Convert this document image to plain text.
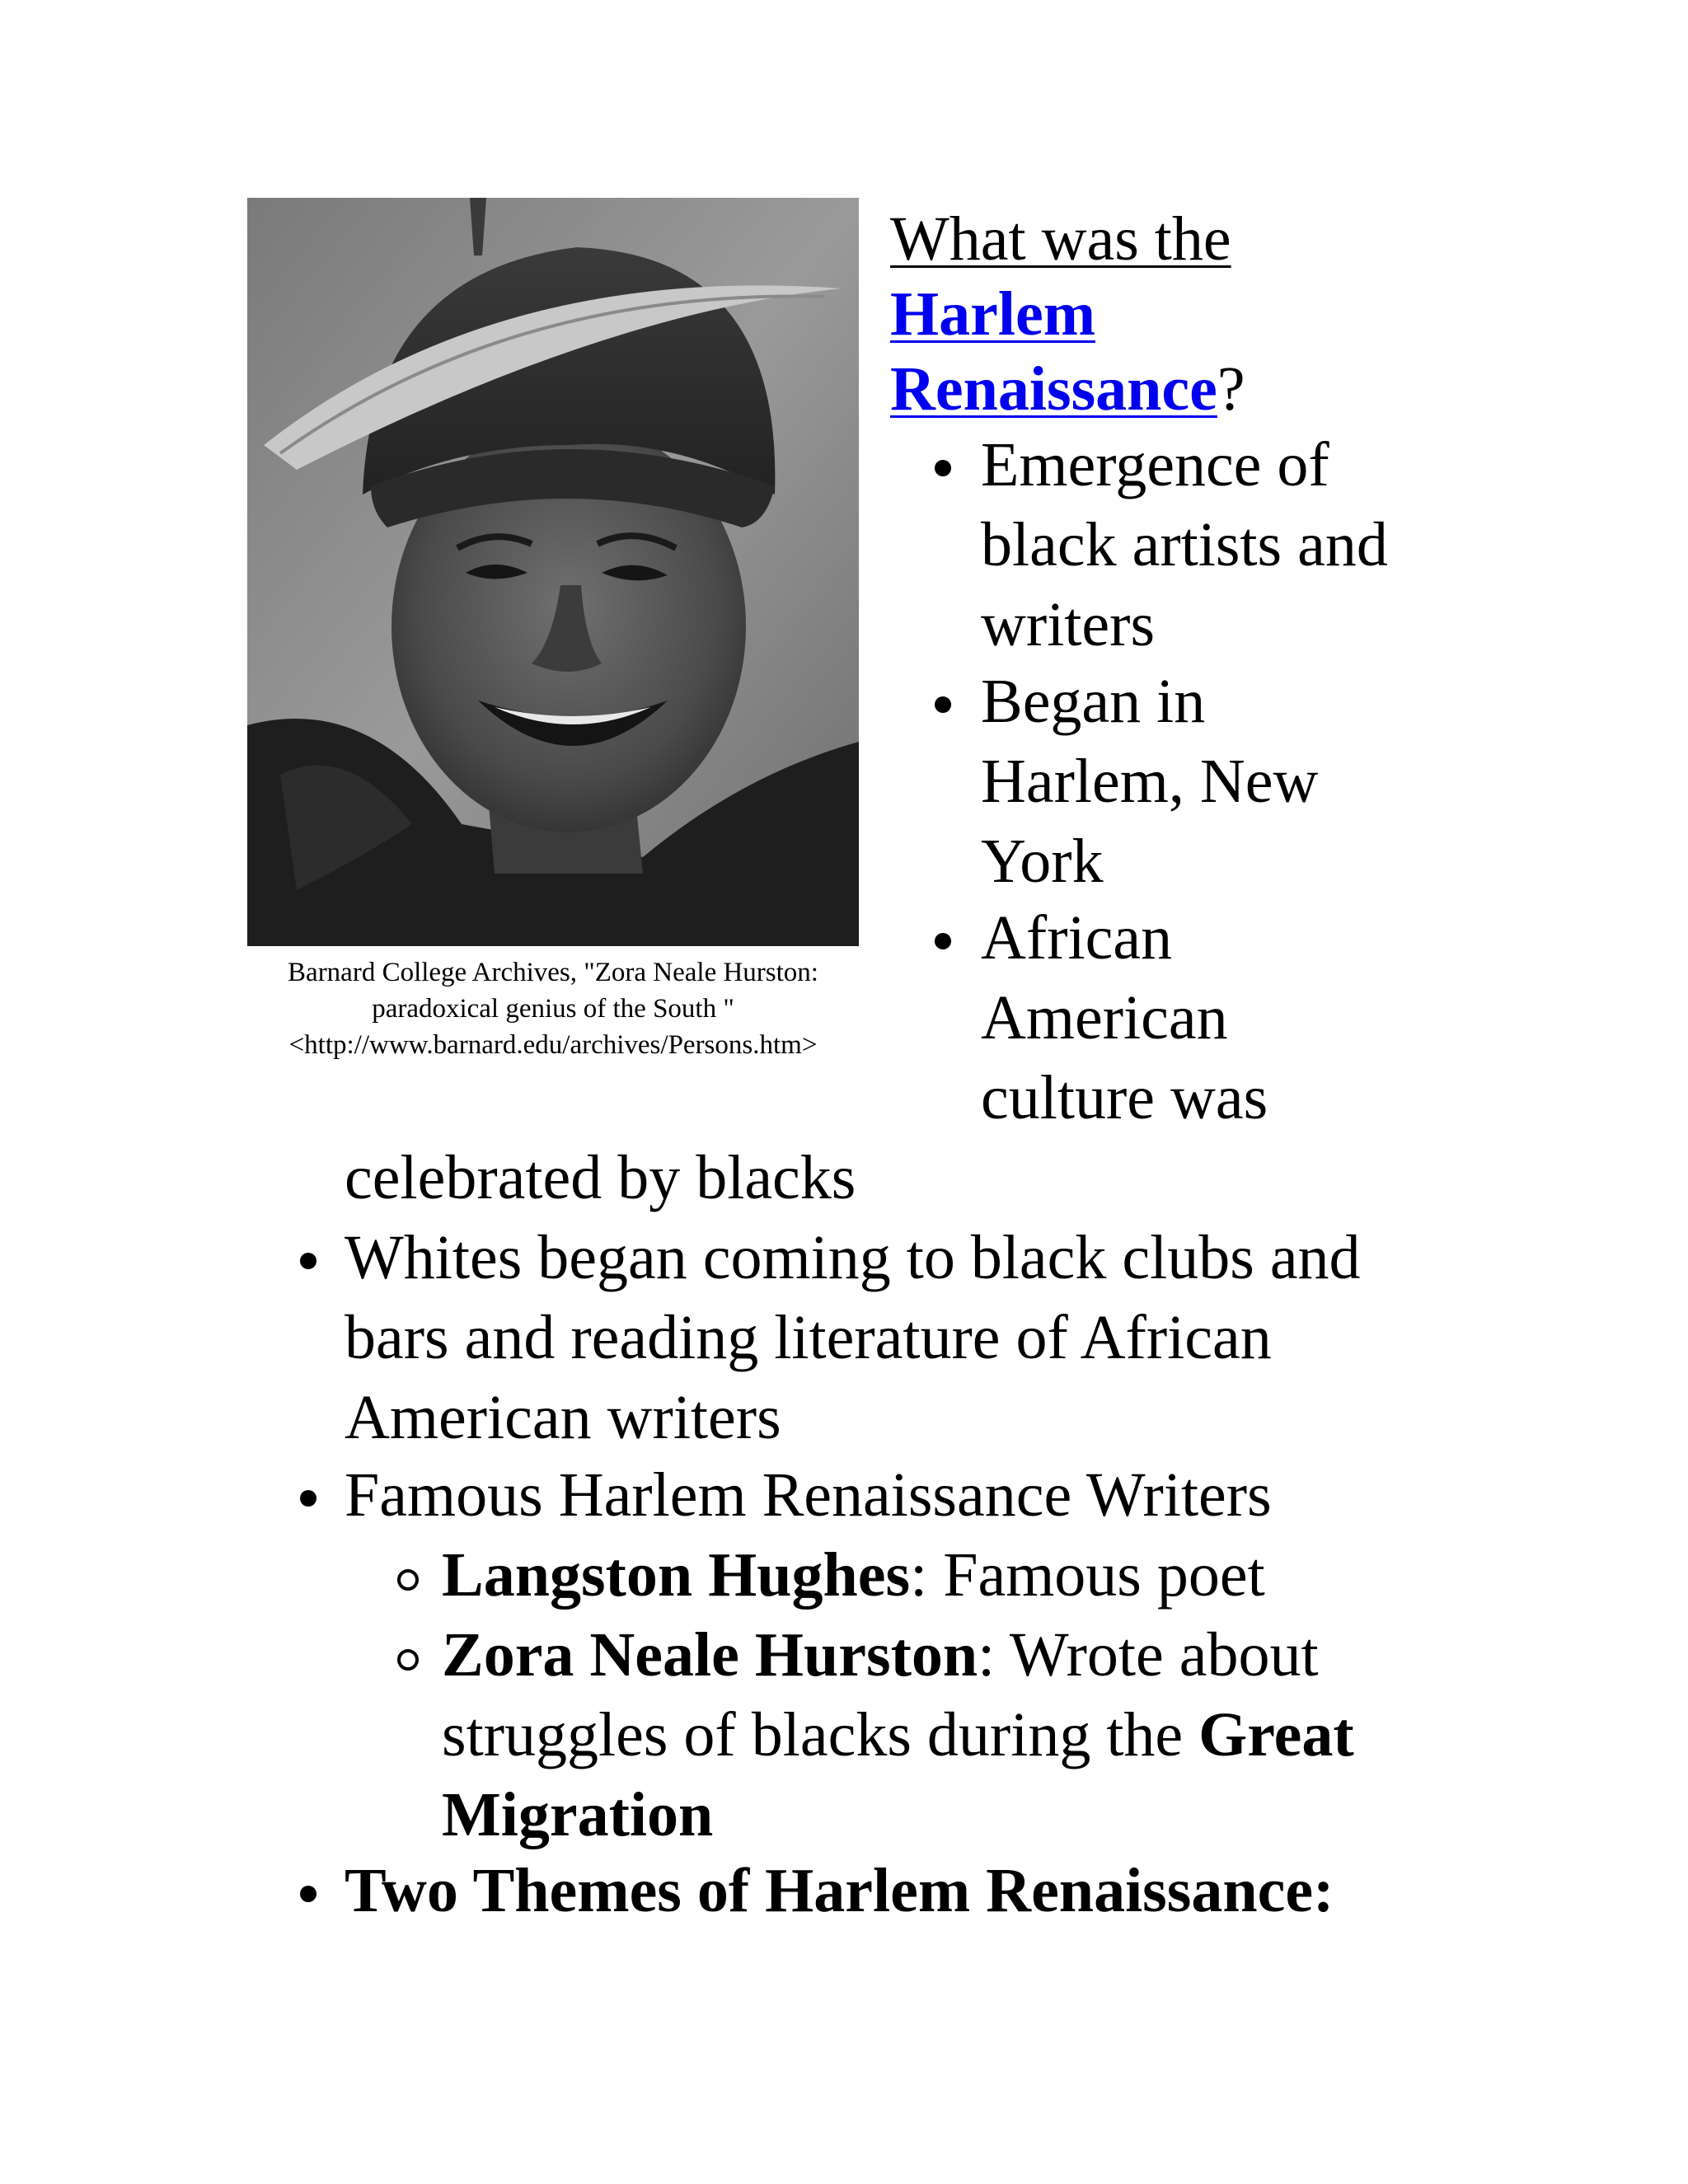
Barnard College Archives, "Zora Neale Hurston:
paradoxical genius of the South "
<http://www.barnard.edu/archives/Persons.htm>
What was the
Harlem
Renaissance?
Emergence of
black artists and
writers
Began in
Harlem, New
York
African
American
culture was
celebrated by blacks
Whites began coming to black clubs and
bars and reading literature of African
American writers
Famous Harlem Renaissance Writers
Langston Hughes: Famous poet
Zora Neale Hurston: Wrote about
struggles of blacks during the Great
Migration
Two Themes of Harlem Renaissance:
